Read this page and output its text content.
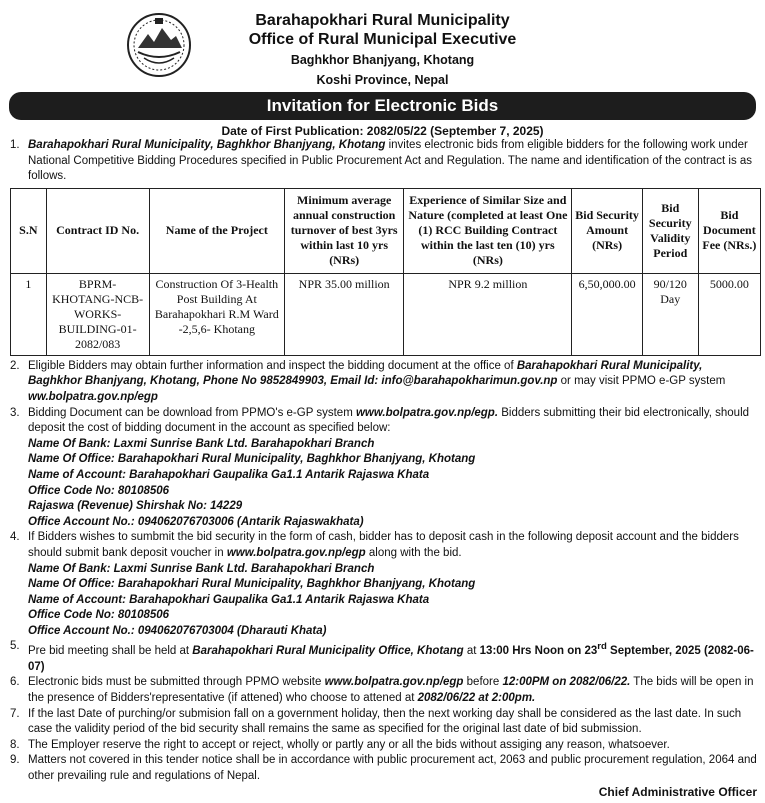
Barahapokhari Rural Municipality
Office of Rural Municipal Executive
Baghkhor Bhanjyang, Khotang
Koshi Province, Nepal
Invitation for Electronic Bids
Date of First Publication: 2082/05/22 (September 7, 2025)
1. Barahapokhari Rural Municipality, Baghkhor Bhanjyang, Khotang invites electronic bids from eligible bidders for the following work under National Competitive Bidding Procedures specified in Public Procurement Act and Regulation. The name and identification of the contract is as follows.
S.N	Contract ID No.	Name of the Project	Minimum average annual construction turnover of best 3yrs within last 10 yrs (NRs)	Experience of Similar Size and Nature (completed at least One (1) RCC Building Contract within the last ten (10) yrs (NRs)	Bid Security Amount (NRs)	Bid Security Validity Period	Bid Document Fee (NRs.)
1	BPRM-KHOTANG-NCB-WORKS-BUILDING-01-2082/083	Construction Of 3-Health Post Building At Barahapokhari R.M Ward -2,5,6- Khotang	NPR 35.00 million	NPR 9.2 million	6,50,000.00	90/120 Day	5000.00
2. Eligible Bidders may obtain further information and inspect the bidding document at the office of Barahapokhari Rural Municipality, Baghkhor Bhanjyang, Khotang, Phone No 9852849903, Email Id: info@barahapokharimun.gov.np or may visit PPMO e-GP system ww.bolpatra.gov.np/egp
3. Bidding Document can be download from PPMO's e-GP system www.bolpatra.gov.np/egp. Bidders submitting their bid electronically, should deposit the cost of bidding document in the account as specified below:
Name Of Bank: Laxmi Sunrise Bank Ltd. Barahapokhari Branch
Name Of Office: Barahapokhari Rural Municipality, Baghkhor Bhanjyang, Khotang
Name of Account: Barahapokhari Gaupalika Ga1.1 Antarik Rajaswa Khata
Office Code No: 80108506
Rajaswa (Revenue) Shirshak No: 14229
Office Account No.: 094062076703006 (Antarik Rajaswakhata)
4. If Bidders wishes to sumbmit the bid security in the form of cash, bidder has to deposit cash in the following deposit account and the bidders should submit bank deposit voucher in www.bolpatra.gov.np/egp along with the bid.
Name Of Bank: Laxmi Sunrise Bank Ltd. Barahapokhari Branch
Name Of Office: Barahapokhari Rural Municipality, Baghkhor Bhanjyang, Khotang
Name of Account: Barahapokhari Gaupalika Ga1.1 Antarik Rajaswa Khata
Office Code No: 80108506
Office Account No.: 094062076703004 (Dharauti Khata)
5. Pre bid meeting shall be held at Barahapokhari Rural Municipality Office, Khotang at 13:00 Hrs Noon on 23rd September, 2025 (2082-06-07)
6. Electronic bids must be submitted through PPMO website www.bolpatra.gov.np/egp before 12:00PM on 2082/06/22. The bids will be open in the presence of Bidders'representative (if attened) who choose to attened at 2082/06/22 at 2:00pm.
7. If the last Date of purching/or submision fall on a government holiday, then the next working day shall be considered as the last date. In such case the validity period of the bid security shall remains the same as specified for the original last date of bid submission.
8. The Employer reserve the right to accept or reject, wholly or partly any or all the bids without assiging any reason, whatsoever.
9. Matters not covered in this tender notice shall be in accordance with public procurement act, 2063 and public procurement regulation, 2064 and other prevailing rule and regulations of Nepal.
Chief Administrative Officer
